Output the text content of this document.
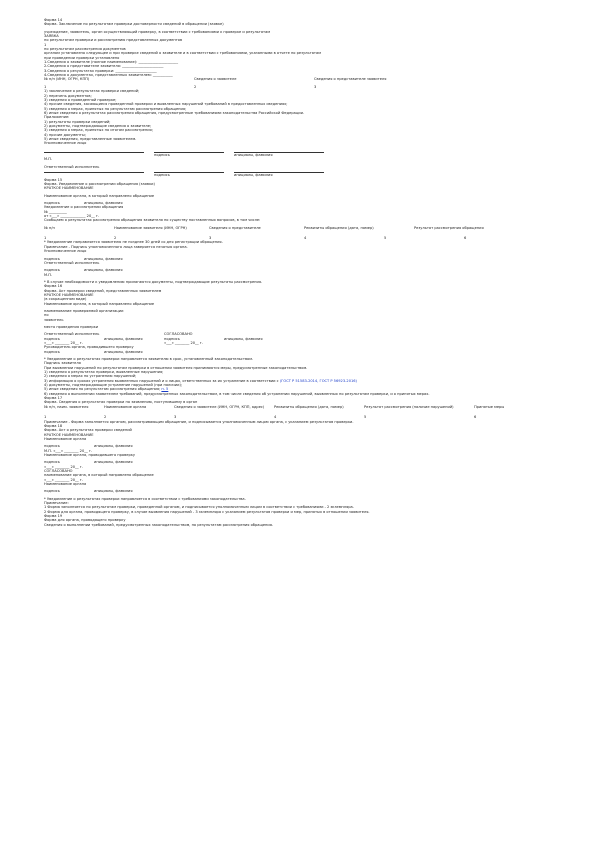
Форма 14
Форма. Заключение по результатам проверки достоверности сведений в обращении (заявке)
учреждение, заявитель, орган осуществляющий проверку, в соответствии с требованиями к проверке и результатам
ЗАЯВКА
по результатам проверки и рассмотрению представленных документов
1
по результатам рассмотрения документов
органом установлено следующее и при проверке сведений о заявителе и в соответствии с требованиями, указанными в отчете по результатам
при проведении проверки установлено
1.Сведения о заявителе (полное наименование): ______________________
2.Сведения о представителе заявителя: _______________________
3.Сведения о результатах проверки: _______________________
4.Сведения о документах, представленных заявителем: ___________
№ п/п (ИНН, ОГРН, КПП)	Сведения о заявителе	Сведения о представителе заявителя
1	2	3
1) заключение о результатах проверки сведений;
2) перечень документов;
3) сведения о проведенной проверке;
4) прочие сведения, касающиеся проведенной проверки и выявленных нарушений требований в предоставленных сведениях;
5) сведения о мерах, принятых по результатам рассмотрения обращения;
6) иные сведения о результатах рассмотрения обращения, предусмотренные требованиями законодательства Российской Федерации.
Приложение:
1) результаты проверки сведений;
2) документы, подтверждающие сведения о заявителе;
3) сведения о мерах, принятых по итогам рассмотрения;
4) прочие документы;
5) иные сведения, представленные заявителем.
Уполномоченное лицо
подпись	инициалы, фамилия
М.П.
Ответственный исполнитель
подпись	инициалы, фамилия
Форма 15
Форма. Уведомление о рассмотрении обращения (заявки)
КРАТКОЕ НАИМЕНОВАНИЕ
Наименование органа, в который направлено обращение
подпись	инициалы, фамилия
Уведомление о рассмотрении обращения
№ __________
от «___» ______________ 20__ г.
Сообщаем о результатах рассмотрения обращения заявителя по существу поставленных вопросов, в том числе:
№ п/п	Наименование заявителя (ИНН, ОГРН)	Сведения о представителе	Реквизиты обращения (дата, номер)	Результат рассмотрения обращения
1	2	3	4	5	6
* Уведомление направляется заявителю не позднее 30 дней со дня регистрации обращения.
Примечание - Подпись уполномоченного лица заверяется печатью органа.
Уполномоченное лицо
подпись	инициалы, фамилия
Ответственный исполнитель
подпись	инициалы, фамилия
М.П.
* В случае необходимости к уведомлению прилагаются документы, подтверждающие результаты рассмотрения.
Форма 16
Форма. Акт проверки сведений, представленных заявителем
КРАТКОЕ НАИМЕНОВАНИЕ
(в сокращенном виде)
Наименование органа, в который направлено обращение
наименование проверяемой организации
по
заявитель
место проведения проверки
Ответственный исполнитель	СОГЛАСОВАНО
подпись	инициалы, фамилия	подпись	инициалы, фамилия
«___» ________ 20__ г.	«___» ________ 20__ г.
Руководитель органа, проводившего проверку
подпись	инициалы, фамилия
* Уведомление о результатах проверки направляется заявителю в срок, установленный законодательством.
Подпись заявителя
При выявлении нарушений по результатам проверки в отношении заявителя принимаются меры, предусмотренные законодательством.
1) сведения о результатах проверки, выявленные нарушения;
2) сведения о мерах по устранению нарушений;
3) информация о сроках устранения выявленных нарушений и о лицах, ответственных за их устранение в соответствии с (ГОСТ Р 51583-2014, ГОСТ Р 56923-2016)
4) документы, подтверждающие устранение нарушений (при наличии);
5) иные сведения по результатам рассмотрения обращения; п. 5
6) сведения о выполнении заявителем требований, предусмотренных законодательством, в том числе сведения об устранении нарушений, выявленных по результатам проверки, и о принятых мерах.
Форма 17
Форма. Сведения о результатах проверки по заявлению, поступившему в орган
№ п/п, наим. заявителя	Наименование органа	Сведения о заявителе (ИНН, ОГРН, КПП, адрес)	Реквизиты обращения (дата, номер)	Результат рассмотрения (наличие нарушений)	Принятые меры
1	2	3	4	5	6
Примечание - Форма заполняется органом, рассматривающим обращение, и подписывается уполномоченным лицом органа, с указанием результатов проверки.
Форма 18
Форма. Акт о результатах проверки сведений
КРАТКОЕ НАИМЕНОВАНИЕ
Наименование органа
подпись	инициалы, фамилия
М.П. «___» ________ 20__ г.
Наименование органа, проводившего проверку
подпись	инициалы, фамилия
«___» ________ 20__ г.
СОГЛАСОВАНО
наименование органа, в который направлено обращение
«___» ________ 20__ г.
Наименование органа
подпись	инициалы, фамилия
* Уведомление о результатах проверки направляется в соответствии с требованиями законодательства.
Примечание:
1 Форма заполняется по результатам проверки, проведенной органом, и подписывается уполномоченным лицом в соответствии с требованиями - 2 экземпляра.
2 Форма для органа, проводящего проверку, в случае выявления нарушений - 3 экземпляра с указанием результатов проверки и мер, принятых в отношении заявителя.
Форма 19
Форма для органа, проводящего проверку
Сведения о выполнении требований, предусмотренных законодательством, по результатам рассмотрения обращения.
